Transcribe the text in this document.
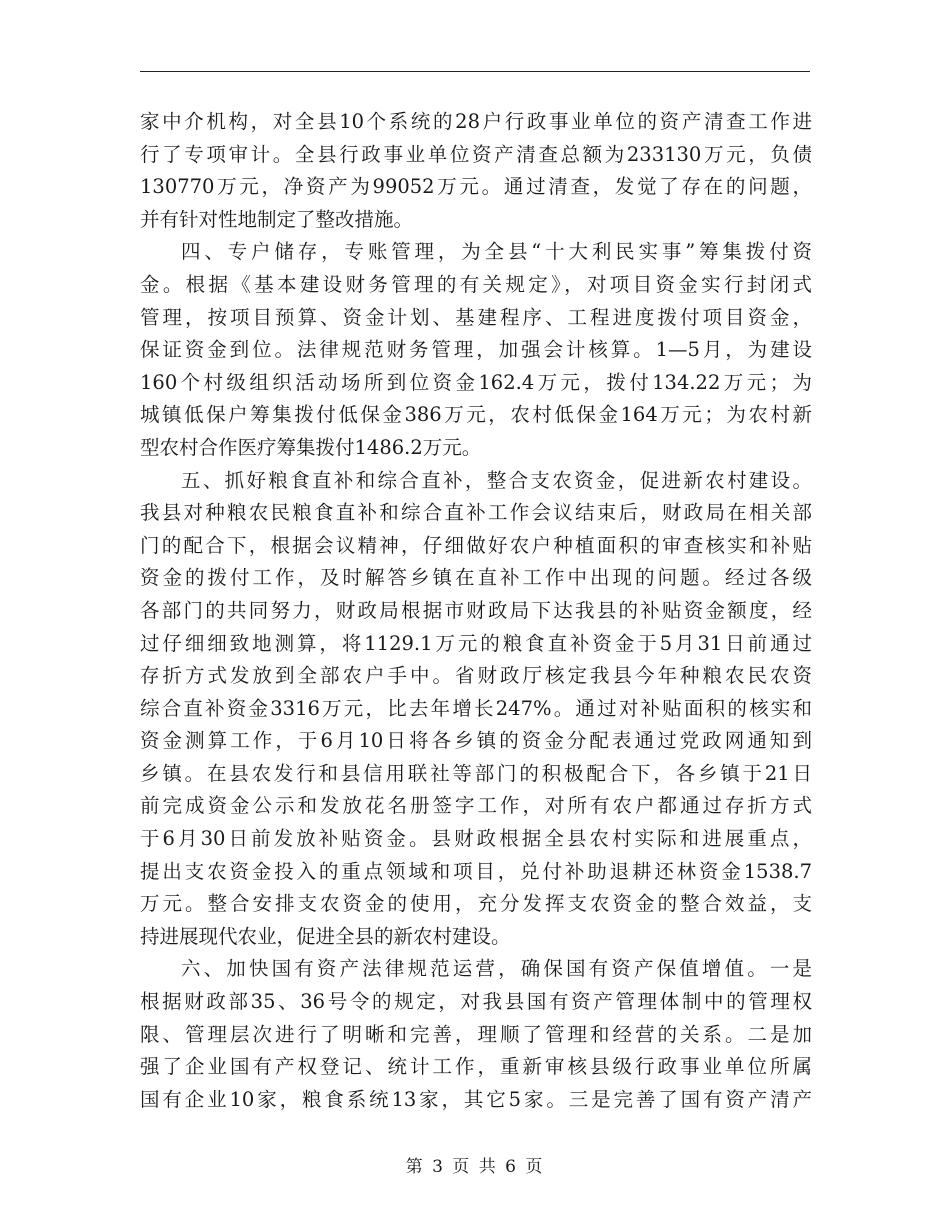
家中介机构，对全县10个系统的28户行政事业单位的资产清查工作进
行了专项审计。全县行政事业单位资产清查总额为233130万元，负债
130770万元，净资产为99052万元。通过清查，发觉了存在的问题，
并有针对性地制定了整改措施。
四、专户储存，专账管理，为全县“十大利民实事”筹集拨付资
金。根据《基本建设财务管理的有关规定》，对项目资金实行封闭式
管理，按项目预算、资金计划、基建程序、工程进度拨付项目资金，
保证资金到位。法律规范财务管理，加强会计核算。1—5月，为建设
160个村级组织活动场所到位资金162.4万元，拨付134.22万元；为
城镇低保户筹集拨付低保金386万元，农村低保金164万元；为农村新
型农村合作医疗筹集拨付1486.2万元。
五、抓好粮食直补和综合直补，整合支农资金，促进新农村建设。
我县对种粮农民粮食直补和综合直补工作会议结束后，财政局在相关部
门的配合下，根据会议精神，仔细做好农户种植面积的审查核实和补贴
资金的拨付工作，及时解答乡镇在直补工作中出现的问题。经过各级
各部门的共同努力，财政局根据市财政局下达我县的补贴资金额度，经
过仔细细致地测算，将1129.1万元的粮食直补资金于5月31日前通过
存折方式发放到全部农户手中。省财政厅核定我县今年种粮农民农资
综合直补资金3316万元，比去年增长247%。通过对补贴面积的核实和
资金测算工作，于6月10日将各乡镇的资金分配表通过党政网通知到
乡镇。在县农发行和县信用联社等部门的积极配合下，各乡镇于21日
前完成资金公示和发放花名册签字工作，对所有农户都通过存折方式
于6月30日前发放补贴资金。县财政根据全县农村实际和进展重点，
提出支农资金投入的重点领域和项目，兑付补助退耕还林资金1538.7
万元。整合安排支农资金的使用，充分发挥支农资金的整合效益，支
持进展现代农业，促进全县的新农村建设。
六、加快国有资产法律规范运营，确保国有资产保值增值。一是
根据财政部35、36号令的规定，对我县国有资产管理体制中的管理权
限、管理层次进行了明晰和完善，理顺了管理和经营的关系。二是加
强了企业国有产权登记、统计工作，重新审核县级行政事业单位所属
国有企业10家，粮食系统13家，其它5家。三是完善了国有资产清产
第 3 页 共 6 页
